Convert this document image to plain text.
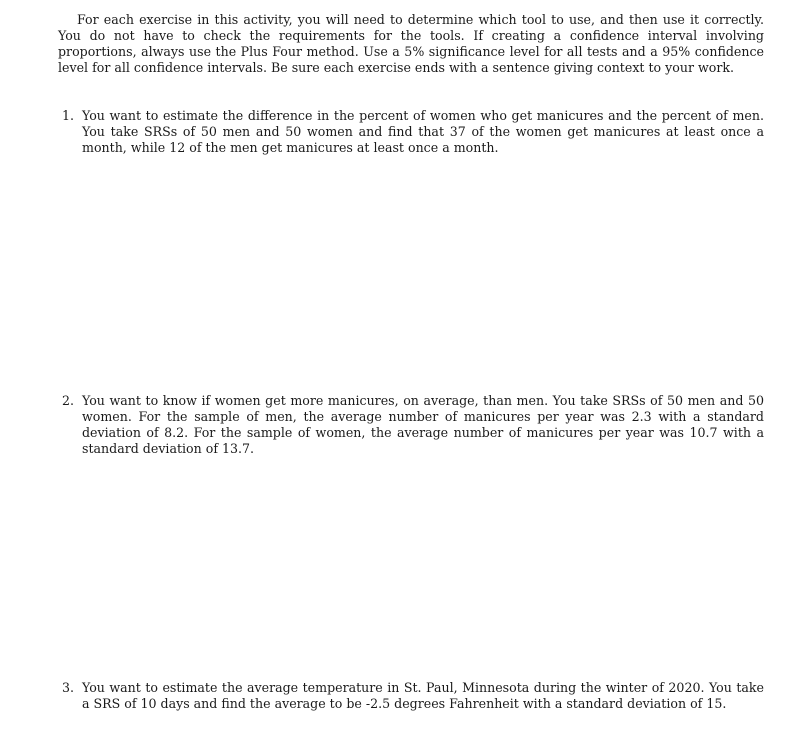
For each exercise in this activity, you will need to determine which tool to use, and then use it correctly. You do not have to check the requirements for the tools. If creating a confidence interval involving proportions, always use the Plus Four method. Use a 5% significance level for all tests and a 95% confidence level for all confidence intervals. Be sure each exercise ends with a sentence giving context to your work.

1. You want to estimate the difference in the percent of women who get manicures and the percent of men. You take SRSs of 50 men and 50 women and find that 37 of the women get manicures at least once a month, while 12 of the men get manicures at least once a month.
2. You want to know if women get more manicures, on average, than men. You take SRSs of 50 men and 50 women. For the sample of men, the average number of manicures per year was 2.3 with a standard deviation of 8.2. For the sample of women, the average number of manicures per year was 10.7 with a standard deviation of 13.7.
3. You want to estimate the average temperature in St. Paul, Minnesota during the winter of 2020. You take a SRS of 10 days and find the average to be -2.5 degrees Fahrenheit with a standard deviation of 15.
